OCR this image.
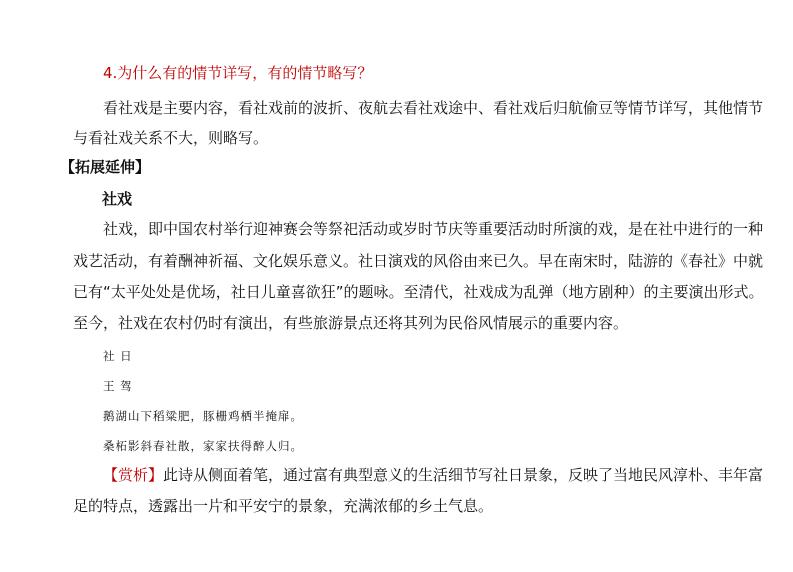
4.为什么有的情节详写，有的情节略写？
看社戏是主要内容，看社戏前的波折、夜航去看社戏途中、看社戏后归航偷豆等情节详写，其他情节
与看社戏关系不大，则略写。
【拓展延伸】
社戏
社戏，即中国农村举行迎神赛会等祭祀活动或岁时节庆等重要活动时所演的戏，是在社中进行的一种
戏艺活动，有着酬神祈福、文化娱乐意义。社日演戏的风俗由来已久。早在南宋时，陆游的《春社》中就
已有“太平处处是优场，社日儿童喜欲狂”的题咏。至清代，社戏成为乱弹（地方剧种）的主要演出形式。
至今，社戏在农村仍时有演出，有些旅游景点还将其列为民俗风情展示的重要内容。
社 日
王 驾
鹅湖山下稻粱肥，豚栅鸡栖半掩扉。
桑柘影斜春社散，家家扶得醉人归。
【赏析】此诗从侧面着笔，通过富有典型意义的生活细节写社日景象，反映了当地民风淳朴、丰年富
足的特点，透露出一片和平安宁的景象，充满浓郁的乡土气息。
